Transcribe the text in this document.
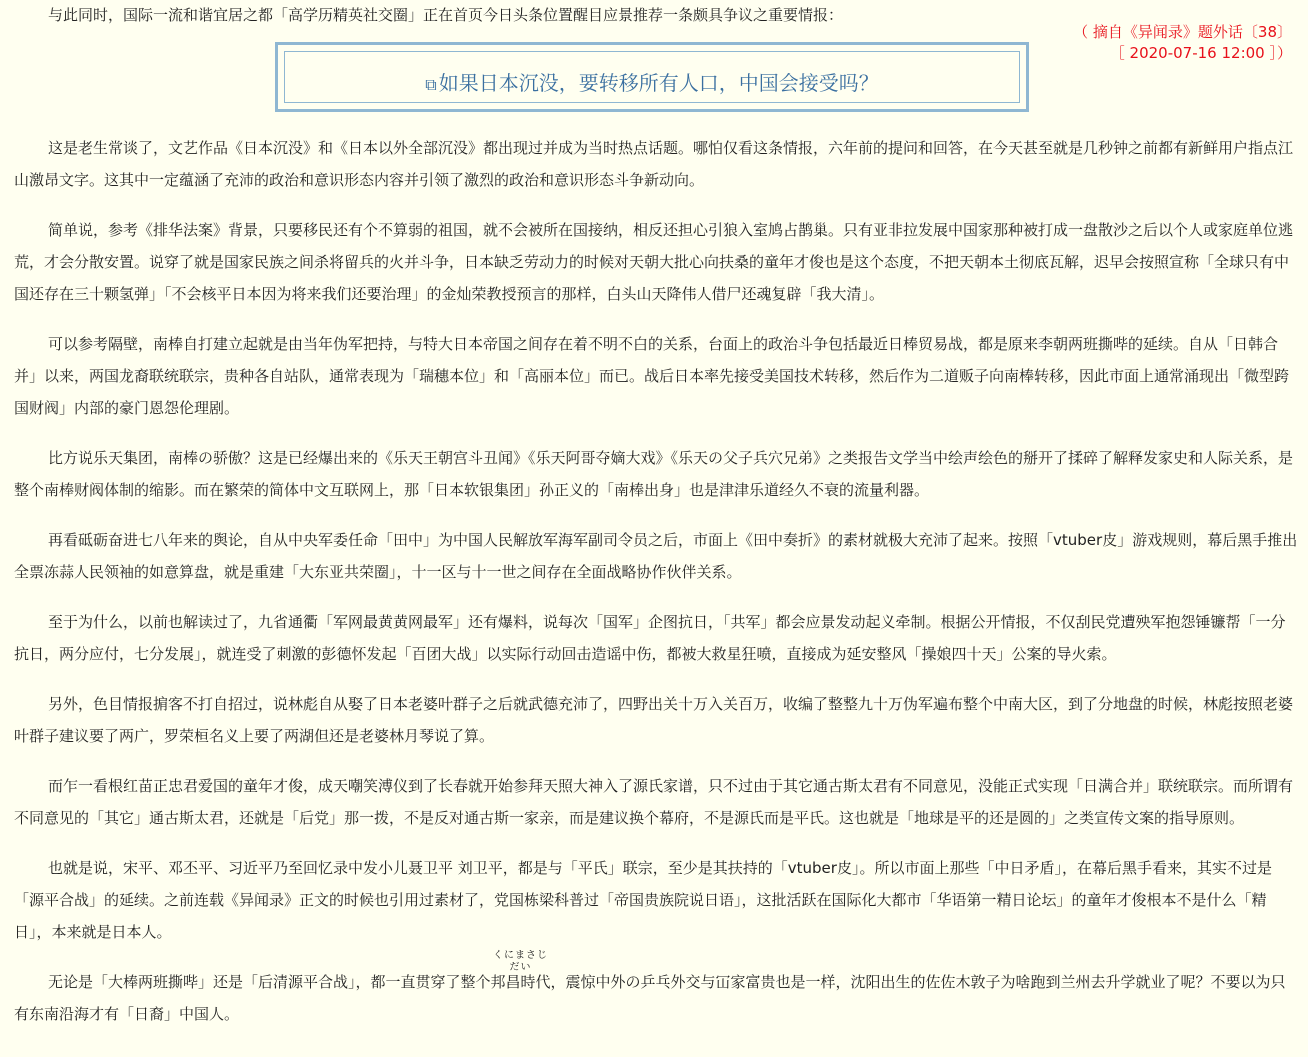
（ 摘自《异闻录》题外话〔38〕
［ 2020-07-16 12:00 ］）
与此同时，国际一流和谐宜居之都「高学历精英社交圈」正在首页今日头条位置醒目应景推荐一条颇具争议之重要情报：
⧉ 如果日本沉没，要转移所有人口，中国会接受吗？

这是老生常谈了，文艺作品《日本沉没》和《日本以外全部沉没》都出现过并成为当时热点话题。哪怕仅看这条情报，六年前的提问和回答，在今天甚至就是几秒钟之前都有新鲜用户指点江山激昂文字。这其中一定蕴涵了充沛的政治和意识形态内容并引领了激烈的政治和意识形态斗争新动向。

简单说，参考《排华法案》背景，只要移民还有个不算弱的祖国，就不会被所在国接纳，相反还担心引狼入室鸠占鹊巢。只有亚非拉发展中国家那种被打成一盘散沙之后以个人或家庭单位逃荒，才会分散安置。说穿了就是国家民族之间杀将留兵的火并斗争，日本缺乏劳动力的时候对天朝大批心向扶桑的童年才俊也是这个态度，不把天朝本土彻底瓦解，迟早会按照宣称「全球只有中国还存在三十颗氢弹」「不会核平日本因为将来我们还要治理」的金灿荣教授预言的那样，白头山天降伟人借尸还魂复辟「我大清」。

可以参考隔壁，南棒自打建立起就是由当年伪军把持，与特大日本帝国之间存在着不明不白的关系，台面上的政治斗争包括最近日棒贸易战，都是原来李朝两班撕哔的延续。自从「日韩合并」以来，两国龙裔联统联宗，贵种各自站队，通常表现为「瑞穗本位」和「高丽本位」而已。战后日本率先接受美国技术转移，然后作为二道贩子向南棒转移，因此市面上通常涌现出「微型跨国财阀」内部的豪门恩怨伦理剧。

比方说乐天集团，南棒の骄傲？这是已经爆出来的《乐天王朝宫斗丑闻》《乐天阿哥夺嫡大戏》《乐天の父子兵穴兄弟》之类报告文学当中绘声绘色的掰开了揉碎了解释发家史和人际关系，是整个南棒财阀体制的缩影。而在繁荣的简体中文互联网上，那「日本软银集团」孙正义的「南棒出身」也是津津乐道经久不衰的流量利器。

再看砥砺奋进七八年来的舆论，自从中央军委任命「田中」为中国人民解放军海军副司令员之后，市面上《田中奏折》的素材就极大充沛了起来。按照「vtuber皮」游戏规则，幕后黑手推出全票冻蒜人民领袖的如意算盘，就是重建「大东亚共荣圈」，十一区与十一世之间存在全面战略协作伙伴关系。

至于为什么，以前也解读过了，九省通衢「军网最黄黄网最军」还有爆料，说每次「国军」企图抗日，「共军」都会应景发动起义牵制。根据公开情报，不仅刮民党遭殃军抱怨锤镰帮「一分抗日，两分应付，七分发展」，就连受了刺激的彭德怀发起「百团大战」以实际行动回击造谣中伤，都被大救星狂喷，直接成为延安整风「操娘四十天」公案的导火索。

另外，色目情报掮客不打自招过，说林彪自从娶了日本老婆叶群子之后就武德充沛了，四野出关十万入关百万，收编了整整九十万伪军遍布整个中南大区，到了分地盘的时候，林彪按照老婆叶群子建议要了两广，罗荣桓名义上要了两湖但还是老婆林月琴说了算。

而乍一看根红苗正忠君爱国的童年才俊，成天嘲笑溥仪到了长春就开始参拜天照大神入了源氏家谱，只不过由于其它通古斯太君有不同意见，没能正式实现「日满合并」联统联宗。而所谓有不同意见的「其它」通古斯太君，还就是「后党」那一拨，不是反对通古斯一家亲，而是建议换个幕府，不是源氏而是平氏。这也就是「地球是平的还是圆的」之类宣传文案的指导原则。

也就是说，宋平、邓丕平、习近平乃至回忆录中发小儿聂卫平 刘卫平，都是与「平氏」联宗，至少是其扶持的「vtuber皮」。所以市面上那些「中日矛盾」，在幕后黑手看来，其实不过是「源平合战」的延续。之前连载《异闻录》正文的时候也引用过素材了，党国栋梁科普过「帝国贵族院说日语」，这批活跃在国际化大都市「华语第一精日论坛」的童年才俊根本不是什么「精日」，本来就是日本人。

无论是「大棒两班撕哔」还是「后清源平合战」，都一直贯穿了整个
くにまさじだい
邦昌時代，震惊中外の乒乓外交与冚家富贵也是一样，沈阳出生的佐佐木敦子为啥跑到兰州去升学就业了呢？不要以为只有东南沿海才有「日裔」中国人。
